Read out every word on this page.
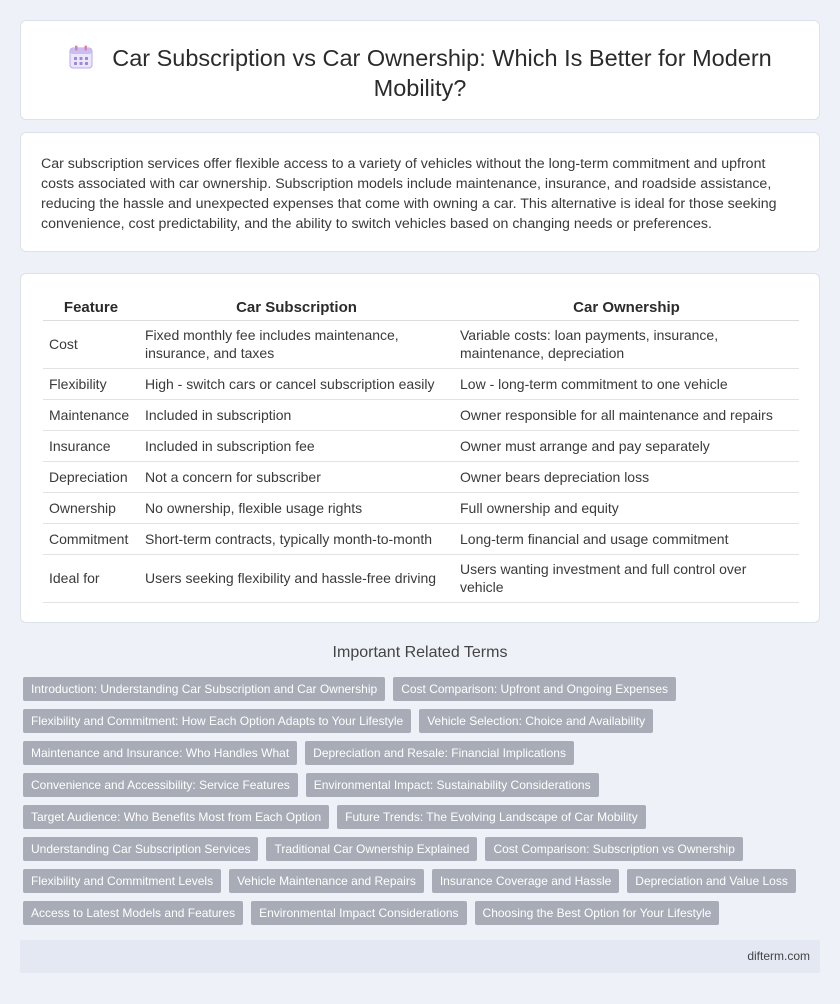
Car Subscription vs Car Ownership: Which Is Better for Modern Mobility?

Car subscription services offer flexible access to a variety of vehicles without the long-term commitment and upfront costs associated with car ownership. Subscription models include maintenance, insurance, and roadside assistance, reducing the hassle and unexpected expenses that come with owning a car. This alternative is ideal for those seeking convenience, cost predictability, and the ability to switch vehicles based on changing needs or preferences.

Feature	Car Subscription	Car Ownership
Cost	Fixed monthly fee includes maintenance, insurance, and taxes	Variable costs: loan payments, insurance, maintenance, depreciation
Flexibility	High - switch cars or cancel subscription easily	Low - long-term commitment to one vehicle
Maintenance	Included in subscription	Owner responsible for all maintenance and repairs
Insurance	Included in subscription fee	Owner must arrange and pay separately
Depreciation	Not a concern for subscriber	Owner bears depreciation loss
Ownership	No ownership, flexible usage rights	Full ownership and equity
Commitment	Short-term contracts, typically month-to-month	Long-term financial and usage commitment
Ideal for	Users seeking flexibility and hassle-free driving	Users wanting investment and full control over vehicle
Important Related Terms
Introduction: Understanding Car Subscription and Car Ownership	Cost Comparison: Upfront and Ongoing Expenses
Flexibility and Commitment: How Each Option Adapts to Your Lifestyle	Vehicle Selection: Choice and Availability
Maintenance and Insurance: Who Handles What	Depreciation and Resale: Financial Implications
Convenience and Accessibility: Service Features	Environmental Impact: Sustainability Considerations
Target Audience: Who Benefits Most from Each Option	Future Trends: The Evolving Landscape of Car Mobility
Understanding Car Subscription Services	Traditional Car Ownership Explained	Cost Comparison: Subscription vs Ownership
Flexibility and Commitment Levels	Vehicle Maintenance and Repairs	Insurance Coverage and Hassle	Depreciation and Value Loss
Access to Latest Models and Features	Environmental Impact Considerations	Choosing the Best Option for Your Lifestyle
difterm.com
